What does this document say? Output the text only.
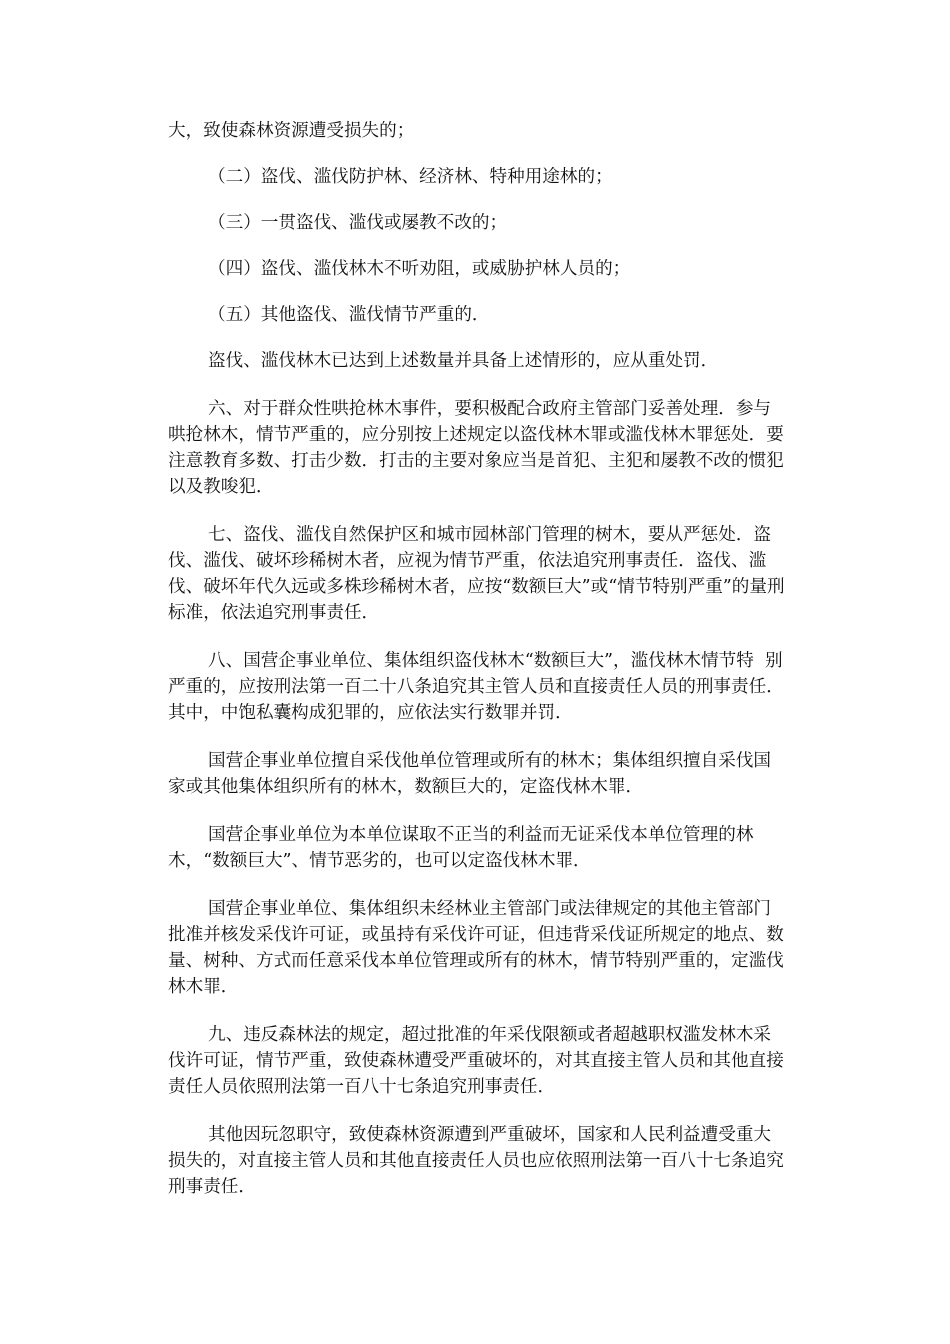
大，致使森林资源遭受损失的；

（二）盗伐、滥伐防护林、经济林、特种用途林的；

（三）一贯盗伐、滥伐或屡教不改的；

（四）盗伐、滥伐林木不听劝阻，或威胁护林人员的；

（五）其他盗伐、滥伐情节严重的．

盗伐、滥伐林木已达到上述数量并具备上述情形的，应从重处罚．

六、对于群众性哄抢林木事件，要积极配合政府主管部门妥善处理．参与哄抢林木，情节严重的，应分别按上述规定以盗伐林木罪或滥伐林木罪惩处．要注意教育多数、打击少数．打击的主要对象应当是首犯、主犯和屡教不改的惯犯以及教唆犯．

七、盗伐、滥伐自然保护区和城市园林部门管理的树木，要从严惩处．盗伐、滥伐、破坏珍稀树木者，应视为情节严重，依法追究刑事责任．盗伐、滥伐、破坏年代久远或多株珍稀树木者，应按“数额巨大”或“情节特别严重”的量刑标准，依法追究刑事责任．

八、国营企事业单位、集体组织盗伐林木“数额巨大”，滥伐林木情节特  别严重的，应按刑法第一百二十八条追究其主管人员和直接责任人员的刑事责任．其中，中饱私囊构成犯罪的，应依法实行数罪并罚．

国营企事业单位擅自采伐他单位管理或所有的林木；集体组织擅自采伐国家或其他集体组织所有的林木，数额巨大的，定盗伐林木罪．

国营企事业单位为本单位谋取不正当的利益而无证采伐本单位管理的林木，“数额巨大”、情节恶劣的，也可以定盗伐林木罪．

国营企事业单位、集体组织未经林业主管部门或法律规定的其他主管部门批准并核发采伐许可证，或虽持有采伐许可证，但违背采伐证所规定的地点、数量、树种、方式而任意采伐本单位管理或所有的林木，情节特别严重的，定滥伐林木罪．

九、违反森林法的规定，超过批准的年采伐限额或者超越职权滥发林木采伐许可证，情节严重，致使森林遭受严重破坏的，对其直接主管人员和其他直接责任人员依照刑法第一百八十七条追究刑事责任．

其他因玩忽职守，致使森林资源遭到严重破坏，国家和人民利益遭受重大损失的，对直接主管人员和其他直接责任人员也应依照刑法第一百八十七条追究刑事责任．
